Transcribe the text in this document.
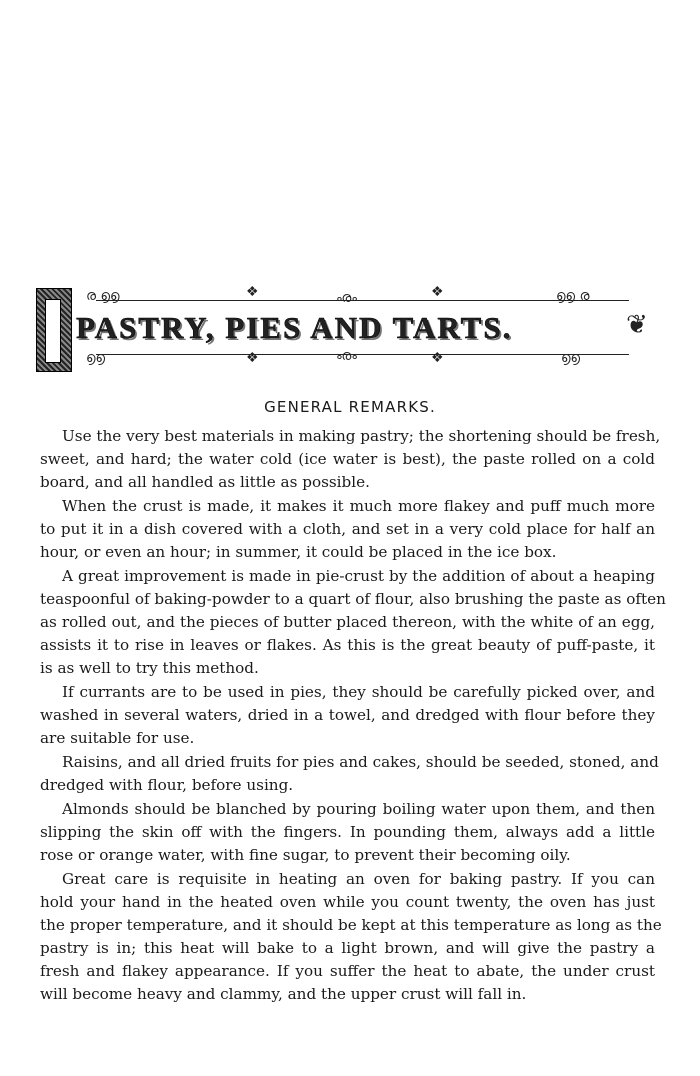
ര ൭൭	❖	ൟ	❖	൭൭ ര
൭൭	❖	ൟ	❖	൭൭
❦
PASTRY, PIES AND TARTS.
GENERAL REMARKS.
Use the very best materials in making pastry; the shortening should be fresh,
sweet, and hard; the water cold (ice water is best), the paste rolled on a cold
board, and all handled as little as possible.
When the crust is made, it makes it much more flakey and puff much more
to put it in a dish covered with a cloth, and set in a very cold place for half an
hour, or even an hour; in summer, it could be placed in the ice box.
A great improvement is made in pie-crust by the addition of about a heaping
teaspoonful of baking-powder to a quart of flour, also brushing the paste as often
as rolled out, and the pieces of butter placed thereon, with the white of an egg,
assists it to rise in leaves or flakes. As this is the great beauty of puff-paste, it
is as well to try this method.
If currants are to be used in pies, they should be carefully picked over, and
washed in several waters, dried in a towel, and dredged with flour before they
are suitable for use.
Raisins, and all dried fruits for pies and cakes, should be seeded, stoned, and
dredged with flour, before using.
Almonds should be blanched by pouring boiling water upon them, and then
slipping the skin off with the fingers. In pounding them, always add a little
rose or orange water, with fine sugar, to prevent their becoming oily.
Great care is requisite in heating an oven for baking pastry. If you can
hold your hand in the heated oven while you count twenty, the oven has just
the proper temperature, and it should be kept at this temperature as long as the
pastry is in; this heat will bake to a light brown, and will give the pastry a
fresh and flakey appearance. If you suffer the heat to abate, the under crust
will become heavy and clammy, and the upper crust will fall in.
